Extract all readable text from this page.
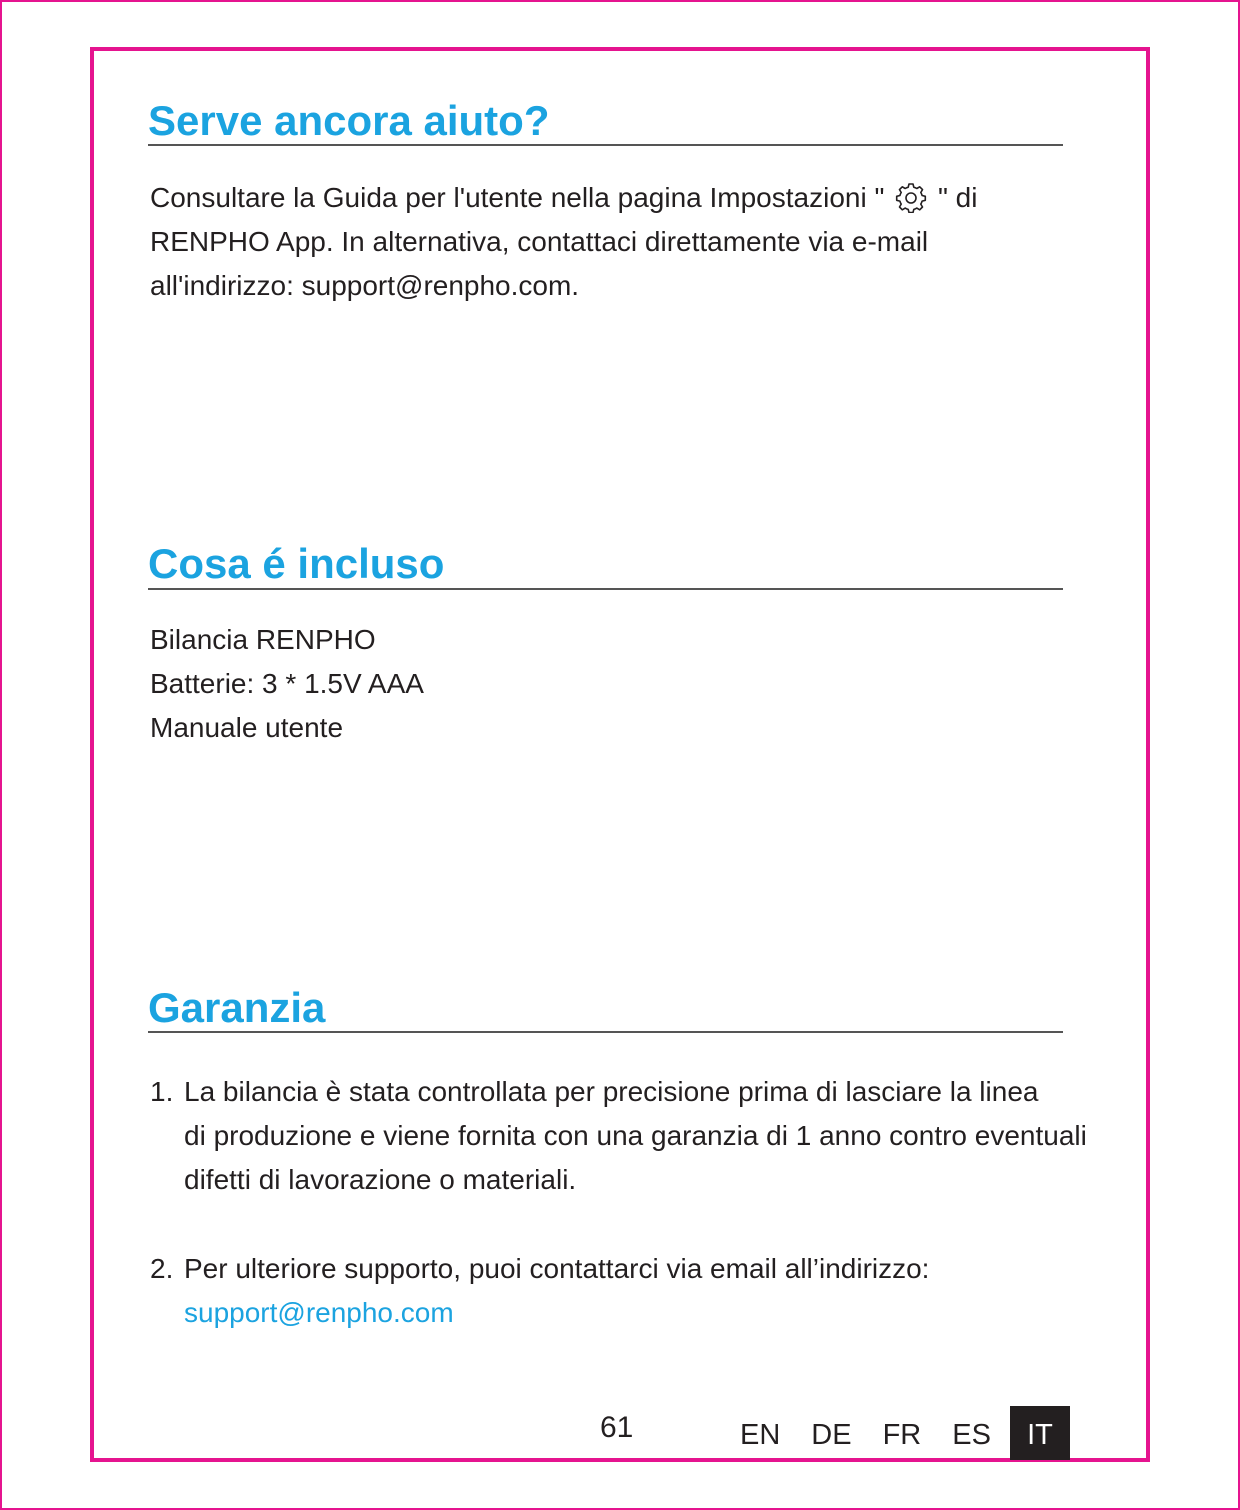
Serve ancora aiuto?
Consultare la Guida per l'utente nella pagina Impostazioni "  " di
RENPHO App. In alternativa, contattaci direttamente via e-mail
all'indirizzo: support@renpho.com.
Cosa é incluso
Bilancia RENPHO
Batterie: 3 * 1.5V AAA
Manuale utente
Garanzia
1. La bilancia è stata controllata per precisione prima di lasciare la linea
di produzione e viene fornita con una garanzia di 1 anno contro eventuali
difetti di lavorazione o materiali.
2. Per ulteriore supporto, puoi contattarci via email all’indirizzo:
support@renpho.com
61	EN DE FR ES	IT
